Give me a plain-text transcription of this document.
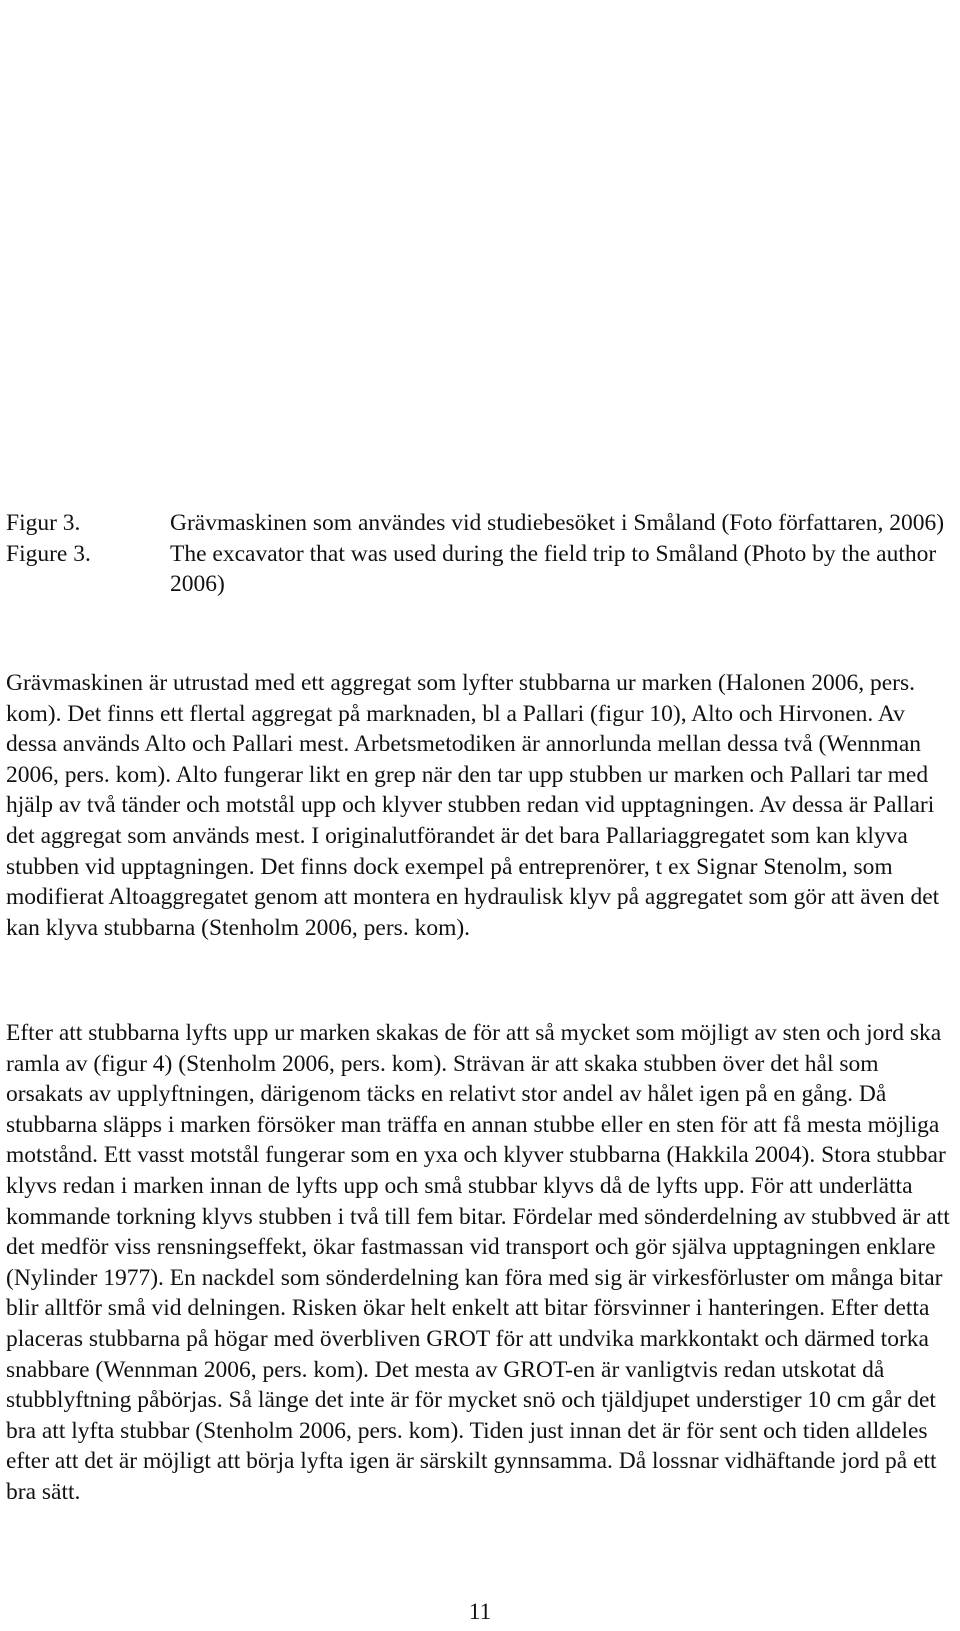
Figur 3.	Grävmaskinen som användes vid studiebesöket i Småland (Foto författaren, 2006)
Figure 3.	The excavator that was used during the field trip to Småland (Photo by the author 2006)

Grävmaskinen är utrustad med ett aggregat som lyfter stubbarna ur marken (Halonen 2006, pers. kom). Det finns ett flertal aggregat på marknaden, bl a Pallari (figur 10), Alto och Hirvonen. Av dessa används Alto och Pallari mest. Arbetsmetodiken är annorlunda mellan dessa två (Wennman 2006, pers. kom). Alto fungerar likt en grep när den tar upp stubben ur marken och Pallari tar med hjälp av två tänder och motstål upp och klyver stubben redan vid upptagningen. Av dessa är Pallari det aggregat som används mest. I originalutförandet är det bara Pallariaggregatet som kan klyva stubben vid upptagningen. Det finns dock exempel på entreprenörer, t ex Signar Stenolm, som modifierat Altoaggregatet genom att montera en hydraulisk klyv på aggregatet som gör att även det kan klyva stubbarna (Stenholm 2006, pers. kom).

Efter att stubbarna lyfts upp ur marken skakas de för att så mycket som möjligt av sten och jord ska ramla av (figur 4) (Stenholm 2006, pers. kom). Strävan är att skaka stubben över det hål som orsakats av upplyftningen, därigenom täcks en relativt stor andel av hålet igen på en gång. Då stubbarna släpps i marken försöker man träffa en annan stubbe eller en sten för att få mesta möjliga motstånd. Ett vasst motstål fungerar som en yxa och klyver stubbarna (Hakkila 2004). Stora stubbar klyvs redan i marken innan de lyfts upp och små stubbar klyvs då de lyfts upp. För att underlätta kommande torkning klyvs stubben i två till fem bitar. Fördelar med sönderdelning av stubbved är att det medför viss rensningseffekt, ökar fastmassan vid transport och gör själva upptagningen enklare (Nylinder 1977). En nackdel som sönderdelning kan föra med sig är virkesförluster om många bitar blir alltför små vid delningen. Risken ökar helt enkelt att bitar försvinner i hanteringen. Efter detta placeras stubbarna på högar med överbliven GROT för att undvika markkontakt och därmed torka snabbare (Wennman 2006, pers. kom). Det mesta av GROT-en är vanligtvis redan utskotat då stubblyftning påbörjas. Så länge det inte är för mycket snö och tjäldjupet understiger 10 cm går det bra att lyfta stubbar (Stenholm 2006, pers. kom). Tiden just innan det är för sent och tiden alldeles efter att det är möjligt att börja lyfta igen är särskilt gynnsamma. Då lossnar vidhäftande jord på ett bra sätt.

11
